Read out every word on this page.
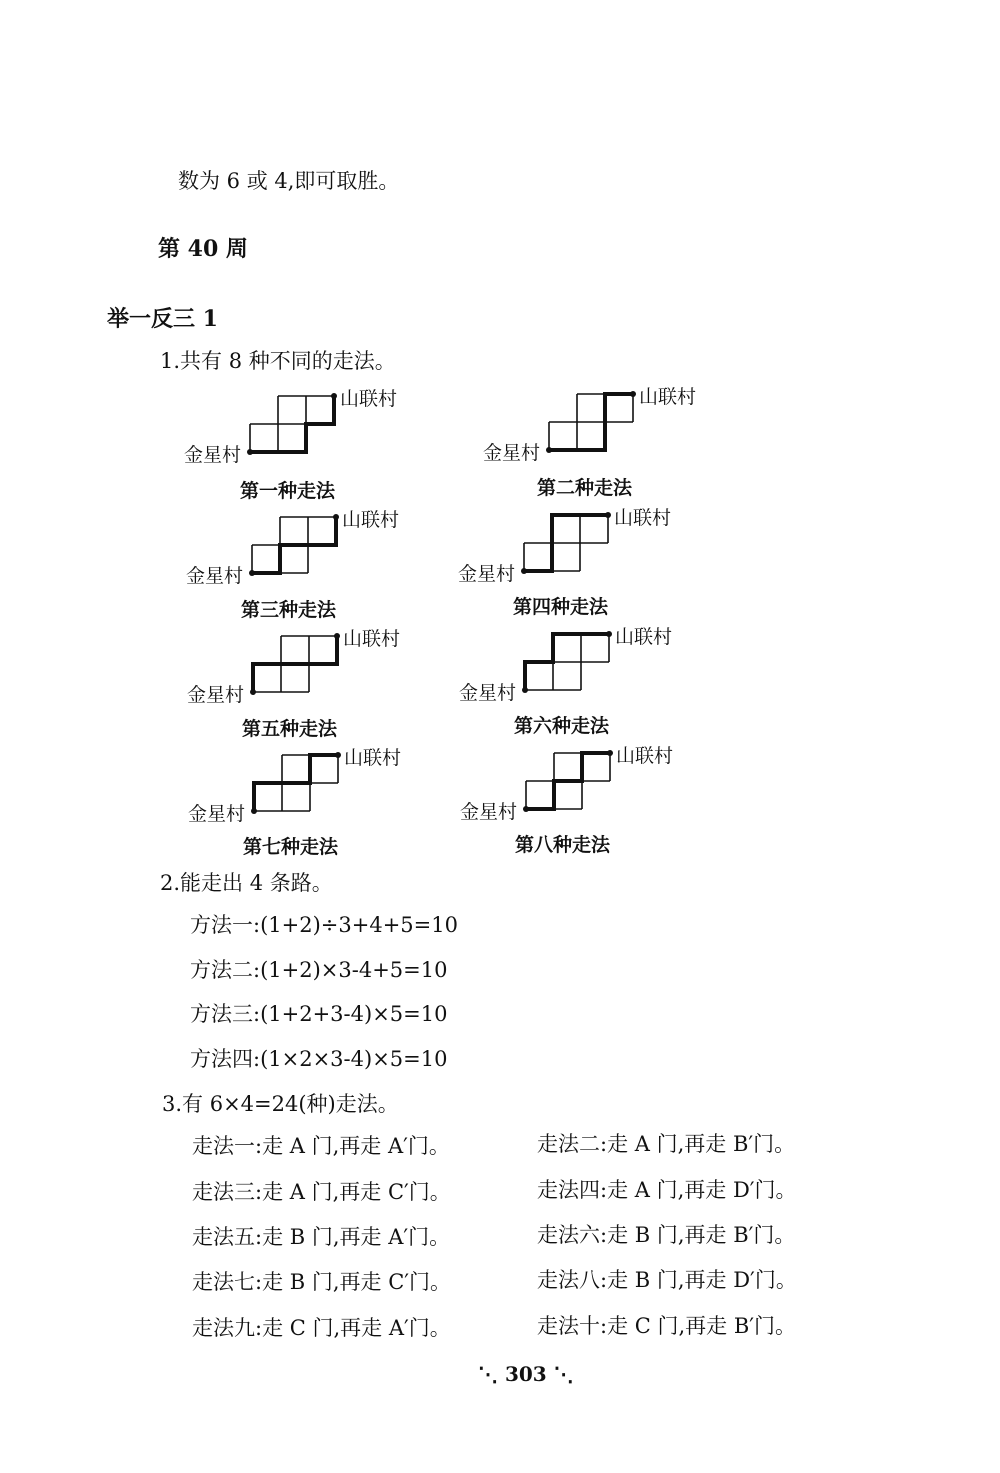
数为 6 或 4,即可取胜。
第 40 周
举一反三 1
1.共有 8 种不同的走法。
金星村
山联村
第一种走法
金星村
山联村
第二种走法
金星村
山联村
第三种走法
金星村
山联村
第四种走法
金星村
山联村
第五种走法
金星村
山联村
第六种走法
金星村
山联村
第七种走法
金星村
山联村
第八种走法
2.能走出 4 条路。
方法一:(1+2)÷3+4+5=10
方法二:(1+2)×3-4+5=10
方法三:(1+2+3-4)×5=10
方法四:(1×2×3-4)×5=10
3.有 6×4=24(种)走法。
走法一:走 A 门,再走 A′门。	走法二:走 A 门,再走 B′门。
走法三:走 A 门,再走 C′门。	走法四:走 A 门,再走 D′门。
走法五:走 B 门,再走 A′门。	走法六:走 B 门,再走 B′门。
走法七:走 B 门,再走 C′门。	走法八:走 B 门,再走 D′门。
走法九:走 C 门,再走 A′门。	走法十:走 C 门,再走 B′门。
⋱ 303 ⋱
